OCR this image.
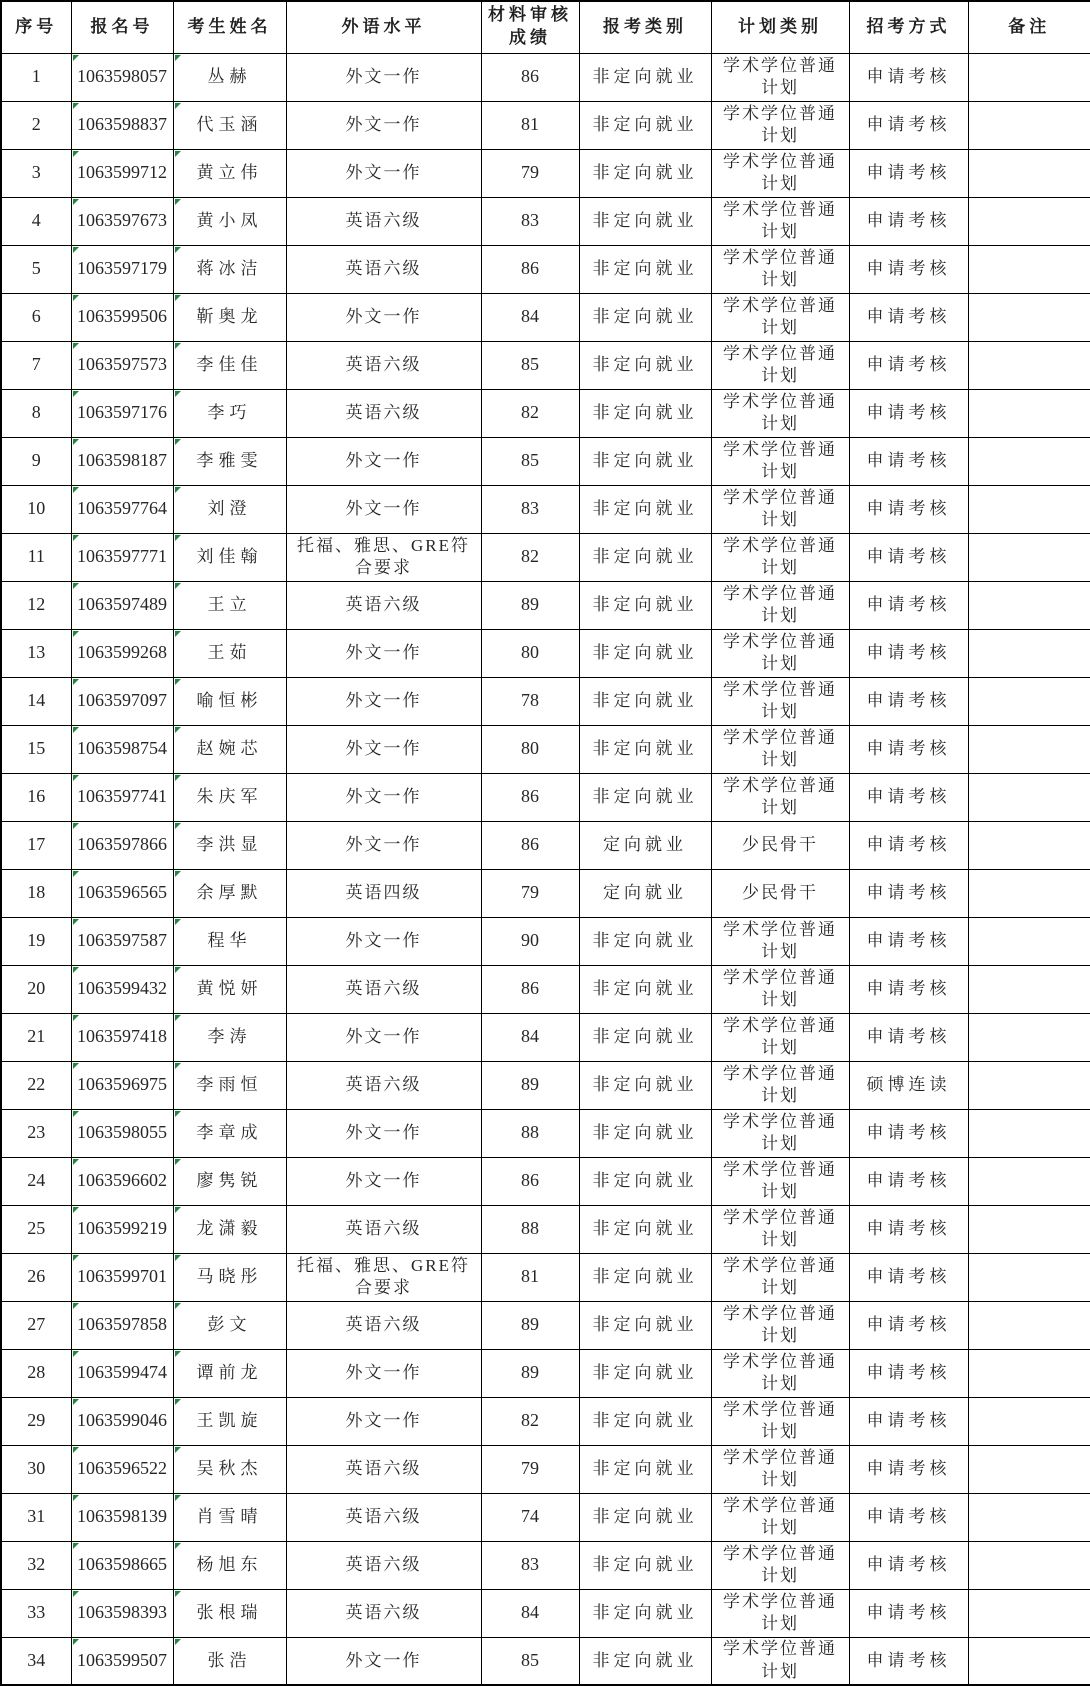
序号	报名号	考生姓名	外语水平	材料审核成绩	报考类别	计划类别	招考方式	备注
1	1063598057	丛赫	外文一作	86	非定向就业	学术学位普通计划	申请考核	
2	1063598837	代玉涵	外文一作	81	非定向就业	学术学位普通计划	申请考核	
3	1063599712	黄立伟	外文一作	79	非定向就业	学术学位普通计划	申请考核	
4	1063597673	黄小凤	英语六级	83	非定向就业	学术学位普通计划	申请考核	
5	1063597179	蒋冰洁	英语六级	86	非定向就业	学术学位普通计划	申请考核	
6	1063599506	靳奥龙	外文一作	84	非定向就业	学术学位普通计划	申请考核	
7	1063597573	李佳佳	英语六级	85	非定向就业	学术学位普通计划	申请考核	
8	1063597176	李巧	英语六级	82	非定向就业	学术学位普通计划	申请考核	
9	1063598187	李雅雯	外文一作	85	非定向就业	学术学位普通计划	申请考核	
10	1063597764	刘澄	外文一作	83	非定向就业	学术学位普通计划	申请考核	
11	1063597771	刘佳翰	托福、雅思、GRE符合要求	82	非定向就业	学术学位普通计划	申请考核	
12	1063597489	王立	英语六级	89	非定向就业	学术学位普通计划	申请考核	
13	1063599268	王茹	外文一作	80	非定向就业	学术学位普通计划	申请考核	
14	1063597097	喻恒彬	外文一作	78	非定向就业	学术学位普通计划	申请考核	
15	1063598754	赵婉芯	外文一作	80	非定向就业	学术学位普通计划	申请考核	
16	1063597741	朱庆军	外文一作	86	非定向就业	学术学位普通计划	申请考核	
17	1063597866	李洪显	外文一作	86	定向就业	少民骨干	申请考核	
18	1063596565	余厚默	英语四级	79	定向就业	少民骨干	申请考核	
19	1063597587	程华	外文一作	90	非定向就业	学术学位普通计划	申请考核	
20	1063599432	黄悦妍	英语六级	86	非定向就业	学术学位普通计划	申请考核	
21	1063597418	李涛	外文一作	84	非定向就业	学术学位普通计划	申请考核	
22	1063596975	李雨恒	英语六级	89	非定向就业	学术学位普通计划	硕博连读	
23	1063598055	李章成	外文一作	88	非定向就业	学术学位普通计划	申请考核	
24	1063596602	廖隽锐	外文一作	86	非定向就业	学术学位普通计划	申请考核	
25	1063599219	龙潇毅	英语六级	88	非定向就业	学术学位普通计划	申请考核	
26	1063599701	马晓彤	托福、雅思、GRE符合要求	81	非定向就业	学术学位普通计划	申请考核	
27	1063597858	彭文	英语六级	89	非定向就业	学术学位普通计划	申请考核	
28	1063599474	谭前龙	外文一作	89	非定向就业	学术学位普通计划	申请考核	
29	1063599046	王凯旋	外文一作	82	非定向就业	学术学位普通计划	申请考核	
30	1063596522	吴秋杰	英语六级	79	非定向就业	学术学位普通计划	申请考核	
31	1063598139	肖雪晴	英语六级	74	非定向就业	学术学位普通计划	申请考核	
32	1063598665	杨旭东	英语六级	83	非定向就业	学术学位普通计划	申请考核	
33	1063598393	张根瑞	英语六级	84	非定向就业	学术学位普通计划	申请考核	
34	1063599507	张浩	外文一作	85	非定向就业	学术学位普通计划	申请考核	
